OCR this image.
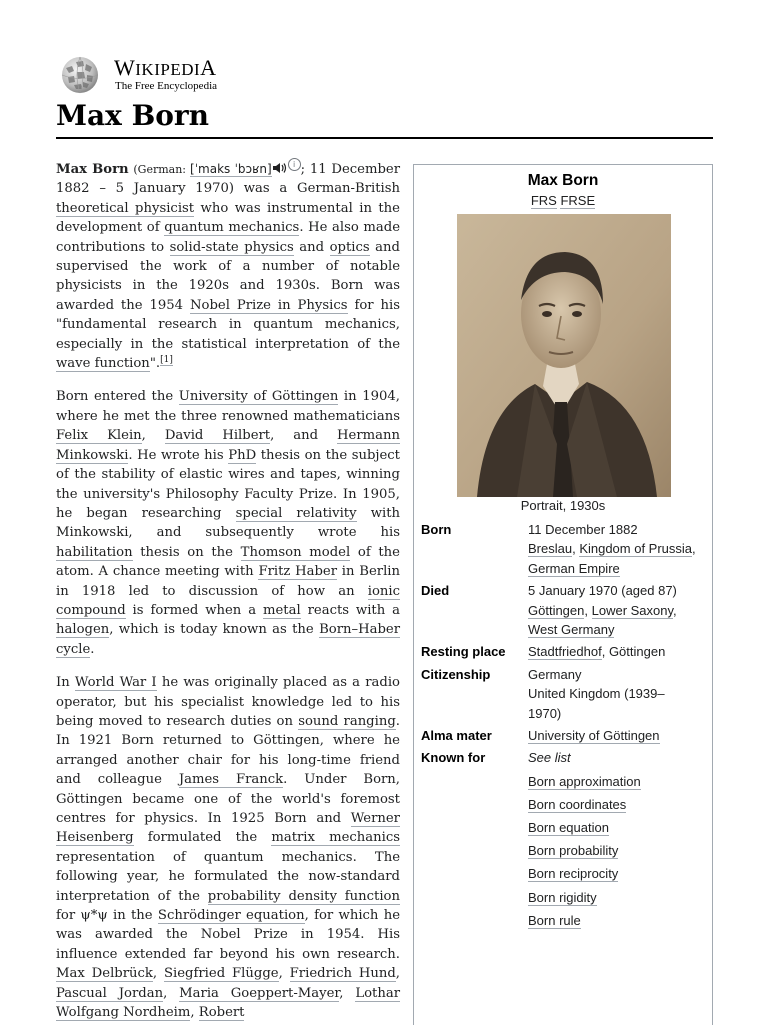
WIKIPEDIA
The Free Encyclopedia
Max Born

Max Born (German: [ˈmaks ˈbɔʁn]	i ; 11 December 1882 – 5 January 1970) was a German-British theoretical physicist who was instrumental in the development of quantum mechanics. He also made contributions to solid-state physics and optics and supervised the work of a number of notable physicists in the 1920s and 1930s. Born was awarded the 1954 Nobel Prize in Physics for his "fundamental research in quantum mechanics, especially in the statistical interpretation of the wave function".[1]

Born entered the University of Göttingen in 1904, where he met the three renowned mathematicians Felix Klein, David Hilbert, and Hermann Minkowski. He wrote his PhD thesis on the subject of the stability of elastic wires and tapes, winning the university's Philosophy Faculty Prize. In 1905, he began researching special relativity with Minkowski, and subsequently wrote his habilitation thesis on the Thomson model of the atom. A chance meeting with Fritz Haber in Berlin in 1918 led to discussion of how an ionic compound is formed when a metal reacts with a halogen, which is today known as the Born–Haber cycle.

In World War I he was originally placed as a radio operator, but his specialist knowledge led to his being moved to research duties on sound ranging. In 1921 Born returned to Göttingen, where he arranged another chair for his long-time friend and colleague James Franck. Under Born, Göttingen became one of the world's foremost centres for physics. In 1925 Born and Werner Heisenberg formulated the matrix mechanics representation of quantum mechanics. The following year, he formulated the now-standard interpretation of the probability density function for ψ*ψ in the Schrödinger equation, for which he was awarded the Nobel Prize in 1954. His influence extended far beyond his own research. Max Delbrück, Siegfried Flügge, Friedrich Hund, Pascual Jordan, Maria Goeppert-Mayer, Lothar Wolfgang Nordheim, Robert

Max Born
FRS FRSE
Portrait, 1930s
Born	11 December 1882
Breslau, Kingdom of Prussia,
German Empire
Died	5 January 1970 (aged 87)
Göttingen, Lower Saxony,
West Germany
Resting place	Stadtfriedhof, Göttingen
Citizenship	Germany
United Kingdom (1939–
1970)
Alma mater	University of Göttingen
Known for	See list
Born approximation
Born coordinates
Born equation
Born probability
Born reciprocity
Born rigidity
Born rule
